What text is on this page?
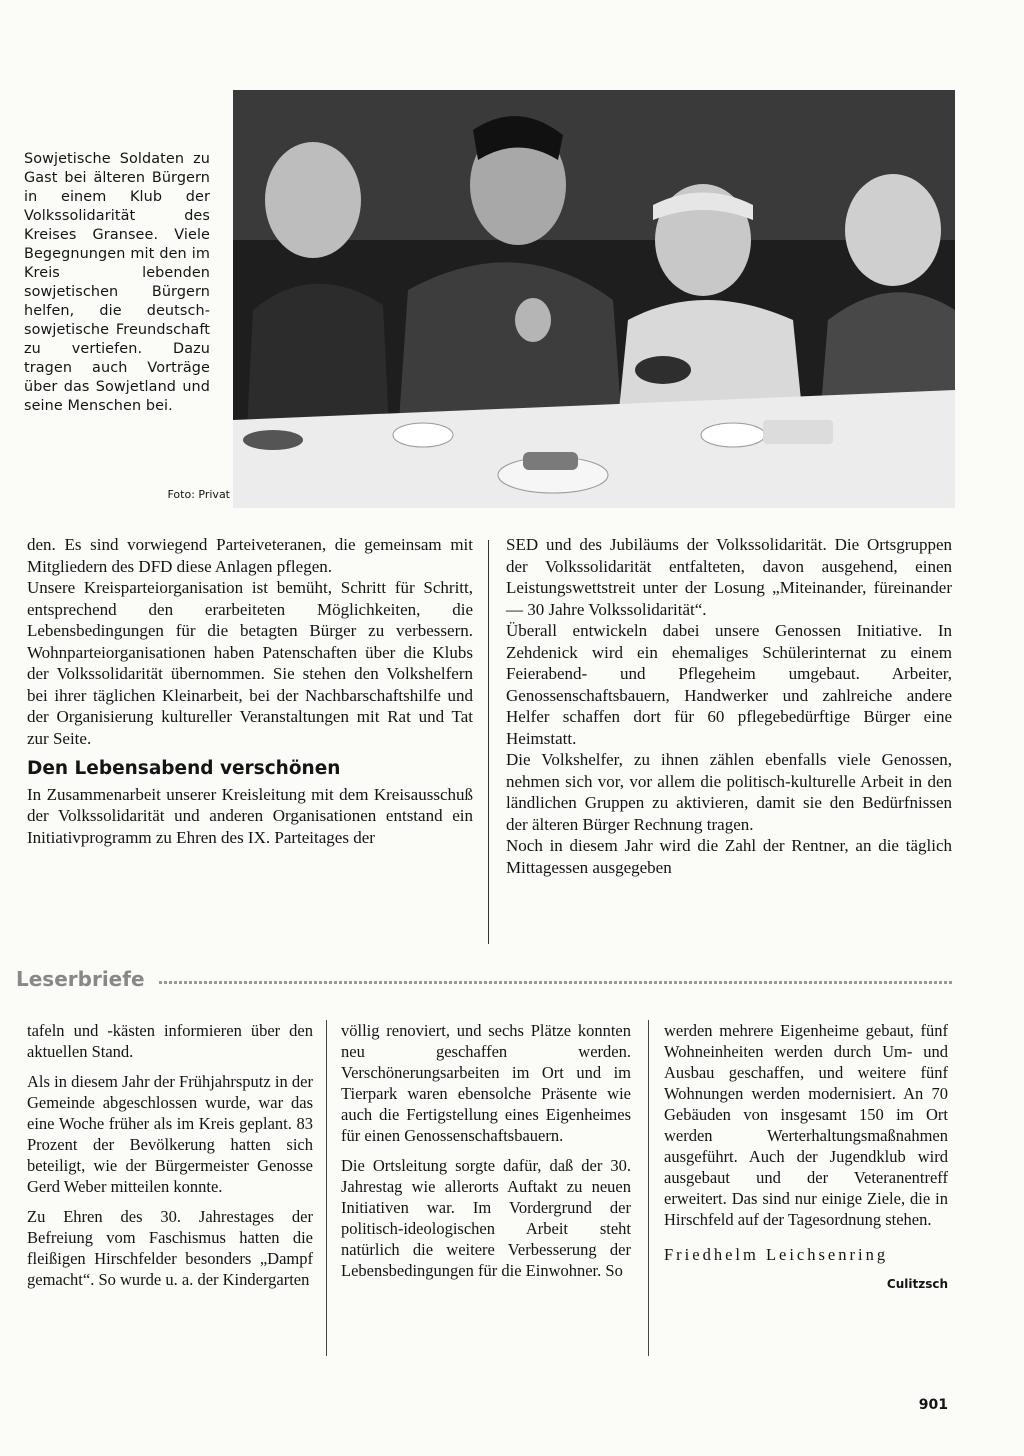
Sowjetische Soldaten zu Gast bei älteren Bürgern in einem Klub der Volkssolidarität des Kreises Gransee. Viele Begegnungen mit den im Kreis lebenden sowjetischen Bürgern helfen, die deutsch-sowjetische Freundschaft zu vertiefen. Dazu tragen auch Vorträge über das Sowjetland und seine Menschen bei.

Foto: Privat

den. Es sind vorwiegend Parteiveteranen, die gemeinsam mit Mitgliedern des DFD diese Anlagen pflegen.

Unsere Kreisparteiorganisation ist bemüht, Schritt für Schritt, entsprechend den erarbeiteten Möglichkeiten, die Lebensbedingungen für die betagten Bürger zu verbessern. Wohnparteiorganisationen haben Patenschaften über die Klubs der Volkssolidarität übernommen. Sie stehen den Volkshelfern bei ihrer täglichen Kleinarbeit, bei der Nachbarschaftshilfe und der Organisierung kultureller Veranstaltungen mit Rat und Tat zur Seite.

Den Lebensabend verschönen

In Zusammenarbeit unserer Kreisleitung mit dem Kreisausschuß der Volkssolidarität und anderen Organisationen entstand ein Initiativprogramm zu Ehren des IX. Parteitages der

SED und des Jubiläums der Volkssolidarität. Die Ortsgruppen der Volkssolidarität entfalteten, davon ausgehend, einen Leistungswettstreit unter der Losung „Miteinander, füreinander — 30 Jahre Volkssolidarität“.

Überall entwickeln dabei unsere Genossen Initiative. In Zehdenick wird ein ehemaliges Schülerinternat zu einem Feierabend- und Pflegeheim umgebaut. Arbeiter, Genossenschaftsbauern, Handwerker und zahlreiche andere Helfer schaffen dort für 60 pflegebedürftige Bürger eine Heimstatt.

Die Volkshelfer, zu ihnen zählen ebenfalls viele Genossen, nehmen sich vor, vor allem die politisch-kulturelle Arbeit in den ländlichen Gruppen zu aktivieren, damit sie den Bedürfnissen der älteren Bürger Rechnung tragen.

Noch in diesem Jahr wird die Zahl der Rentner, an die täglich Mittagessen ausgegeben

Leserbriefe

tafeln und -kästen informieren über den aktuellen Stand.

Als in diesem Jahr der Frühjahrsputz in der Gemeinde abgeschlossen wurde, war das eine Woche früher als im Kreis geplant. 83 Prozent der Bevölkerung hatten sich beteiligt, wie der Bürgermeister Genosse Gerd Weber mitteilen konnte.

Zu Ehren des 30. Jahrestages der Befreiung vom Faschismus hatten die fleißigen Hirschfelder besonders „Dampf gemacht“. So wurde u. a. der Kindergarten

völlig renoviert, und sechs Plätze konnten neu geschaffen werden. Verschönerungsarbeiten im Ort und im Tierpark waren ebensolche Präsente wie auch die Fertigstellung eines Eigenheimes für einen Genossenschaftsbauern.

Die Ortsleitung sorgte dafür, daß der 30. Jahrestag wie allerorts Auftakt zu neuen Initiativen war. Im Vordergrund der politisch-ideologischen Arbeit steht natürlich die weitere Verbesserung der Lebensbedingungen für die Einwohner. So

werden mehrere Eigenheime gebaut, fünf Wohneinheiten werden durch Um- und Ausbau geschaffen, und weitere fünf Wohnungen werden modernisiert. An 70 Gebäuden von insgesamt 150 im Ort werden Werterhaltungsmaßnahmen ausgeführt. Auch der Jugendklub wird ausgebaut und der Veteranentreff erweitert. Das sind nur einige Ziele, die in Hirschfeld auf der Tagesordnung stehen.

Friedhelm Leichsenring

Culitzsch

901
